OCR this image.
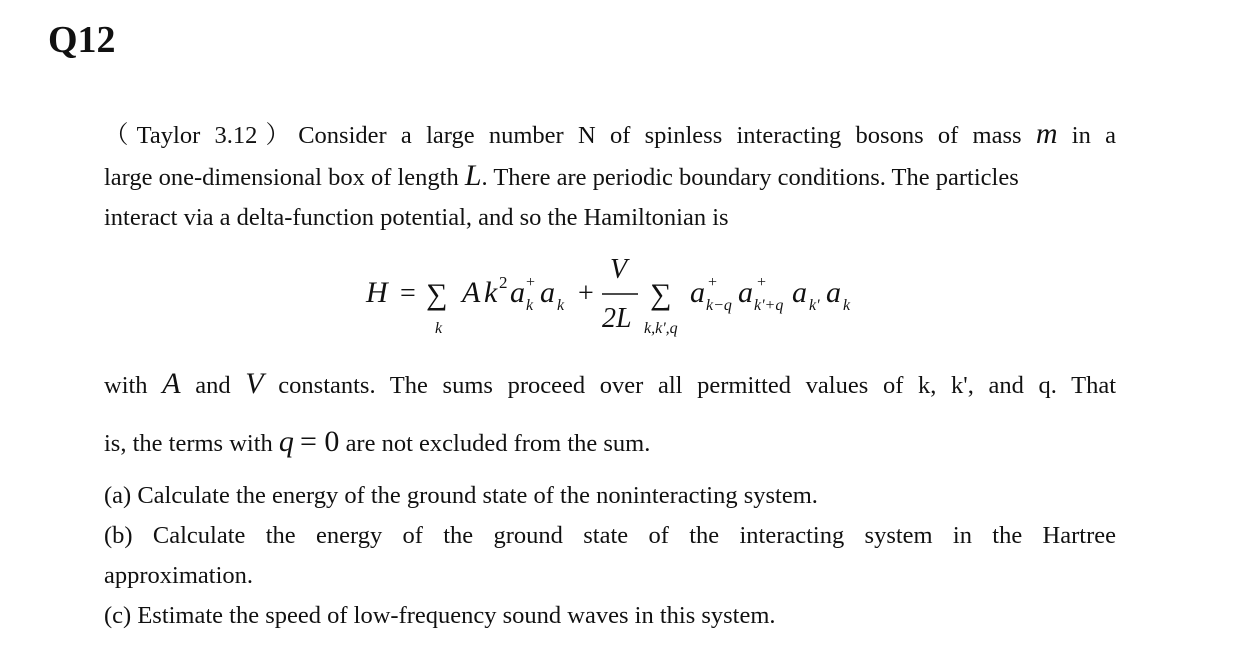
Q12
（Taylor 3.12）Consider a large number N of spinless interacting bosons of mass m in a
large one-dimensional box of length L. There are periodic boundary conditions. The particles
interact via a delta-function potential, and so the Hamiltonian is
H = ∑
k
A k 2 a +
k a k +
V
2L
∑
k,k',q
a +
k−q a +
k'+q a k' a k
with A and V constants. The sums proceed over all permitted values of k, k', and q. That
is, the terms with q = 0 are not excluded from the sum.
(a) Calculate the energy of the ground state of the noninteracting system.
(b) Calculate the energy of the ground state of the interacting system in the Hartree
approximation.
(c) Estimate the speed of low-frequency sound waves in this system.
